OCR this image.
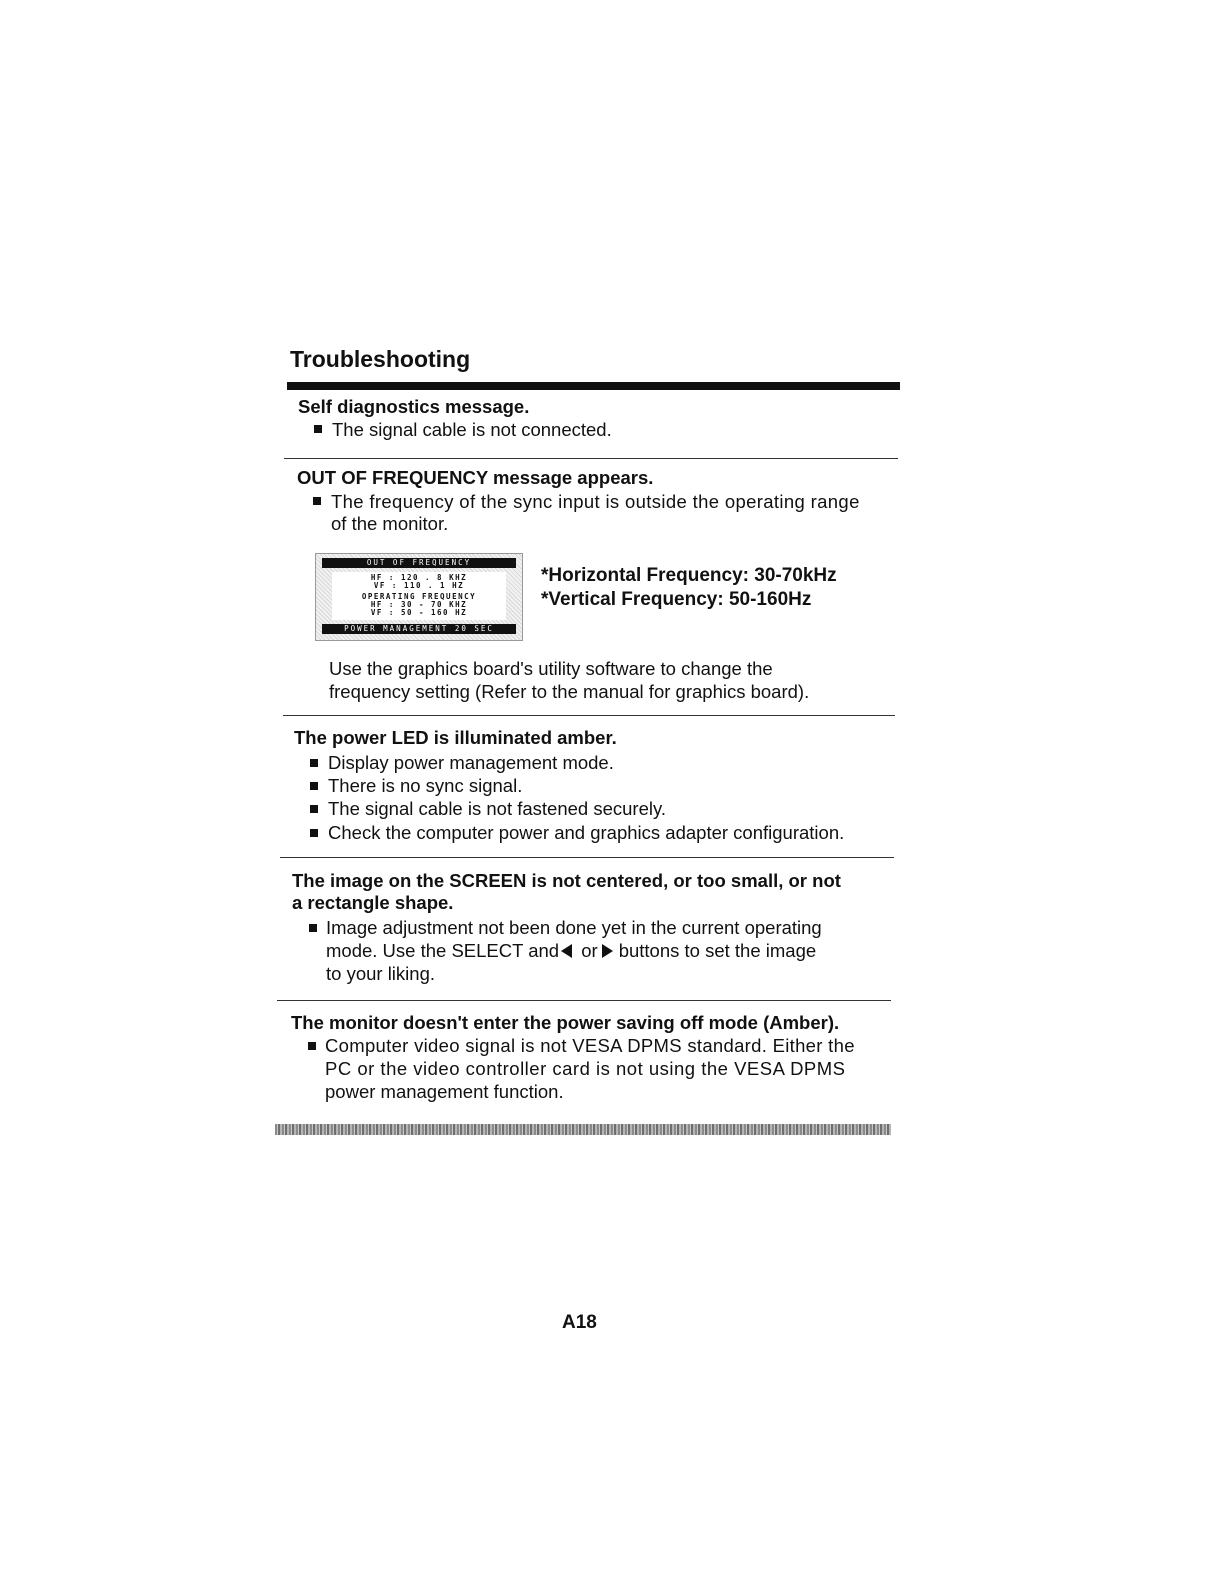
Troubleshooting
Self diagnostics message.
The signal cable is not connected.
OUT OF FREQUENCY message appears.
The frequency of the sync input is outside the operating range
of the monitor.
OUT OF FREQUENCY
HF : 120 . 8 KHZ
VF : 110 . 1 HZ
OPERATING FREQUENCY
HF : 30 - 70 KHZ
VF : 50 - 160 HZ
POWER MANAGEMENT 20 SEC
*Horizontal Frequency: 30-70kHz
*Vertical Frequency: 50-160Hz
Use the graphics board's utility software to change the
frequency setting (Refer to the manual for graphics board).
The power LED is illuminated amber.
Display power management mode.
There is no sync signal.
The signal cable is not fastened securely.
Check the computer power and graphics adapter configuration.
The image on the SCREEN is not centered, or too small, or not
a rectangle shape.
Image adjustment not been done yet in the current operating
mode. Use the SELECT and or buttons to set the image
to your liking.
The monitor doesn't enter the power saving off mode (Amber).
Computer video signal is not VESA DPMS standard. Either the
PC or the video controller card is not using the VESA DPMS
power management function.
A18
